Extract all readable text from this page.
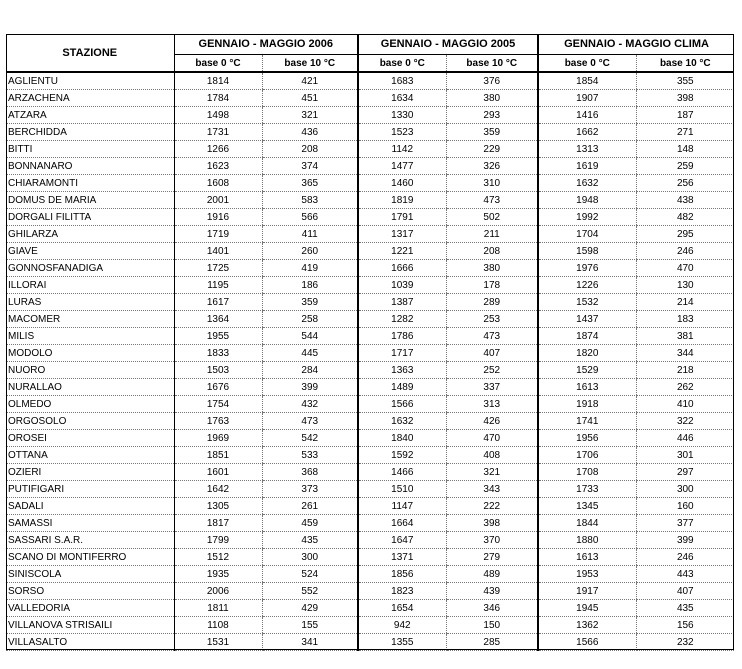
STAZIONE	GENNAIO - MAGGIO 2006		GENNAIO - MAGGIO 2005		GENNAIO - MAGGIO CLIMA	
	base 0 °C	base 10 °C	base 0 °C	base 10 °C	base 0 °C	base 10 °C
AGLIENTU	1814	421	1683	376	1854	355
ARZACHENA	1784	451	1634	380	1907	398
ATZARA	1498	321	1330	293	1416	187
BERCHIDDA	1731	436	1523	359	1662	271
BITTI	1266	208	1142	229	1313	148
BONNANARO	1623	374	1477	326	1619	259
CHIARAMONTI	1608	365	1460	310	1632	256
DOMUS DE MARIA	2001	583	1819	473	1948	438
DORGALI FILITTA	1916	566	1791	502	1992	482
GHILARZA	1719	411	1317	211	1704	295
GIAVE	1401	260	1221	208	1598	246
GONNOSFANADIGA	1725	419	1666	380	1976	470
ILLORAI	1195	186	1039	178	1226	130
LURAS	1617	359	1387	289	1532	214
MACOMER	1364	258	1282	253	1437	183
MILIS	1955	544	1786	473	1874	381
MODOLO	1833	445	1717	407	1820	344
NUORO	1503	284	1363	252	1529	218
NURALLAO	1676	399	1489	337	1613	262
OLMEDO	1754	432	1566	313	1918	410
ORGOSOLO	1763	473	1632	426	1741	322
OROSEI	1969	542	1840	470	1956	446
OTTANA	1851	533	1592	408	1706	301
OZIERI	1601	368	1466	321	1708	297
PUTIFIGARI	1642	373	1510	343	1733	300
SADALI	1305	261	1147	222	1345	160
SAMASSI	1817	459	1664	398	1844	377
SASSARI S.A.R.	1799	435	1647	370	1880	399
SCANO DI MONTIFERRO	1512	300	1371	279	1613	246
SINISCOLA	1935	524	1856	489	1953	443
SORSO	2006	552	1823	439	1917	407
VALLEDORIA	1811	429	1654	346	1945	435
VILLANOVA STRISAILI	1108	155	942	150	1362	156
VILLASALTO	1531	341	1355	285	1566	232
